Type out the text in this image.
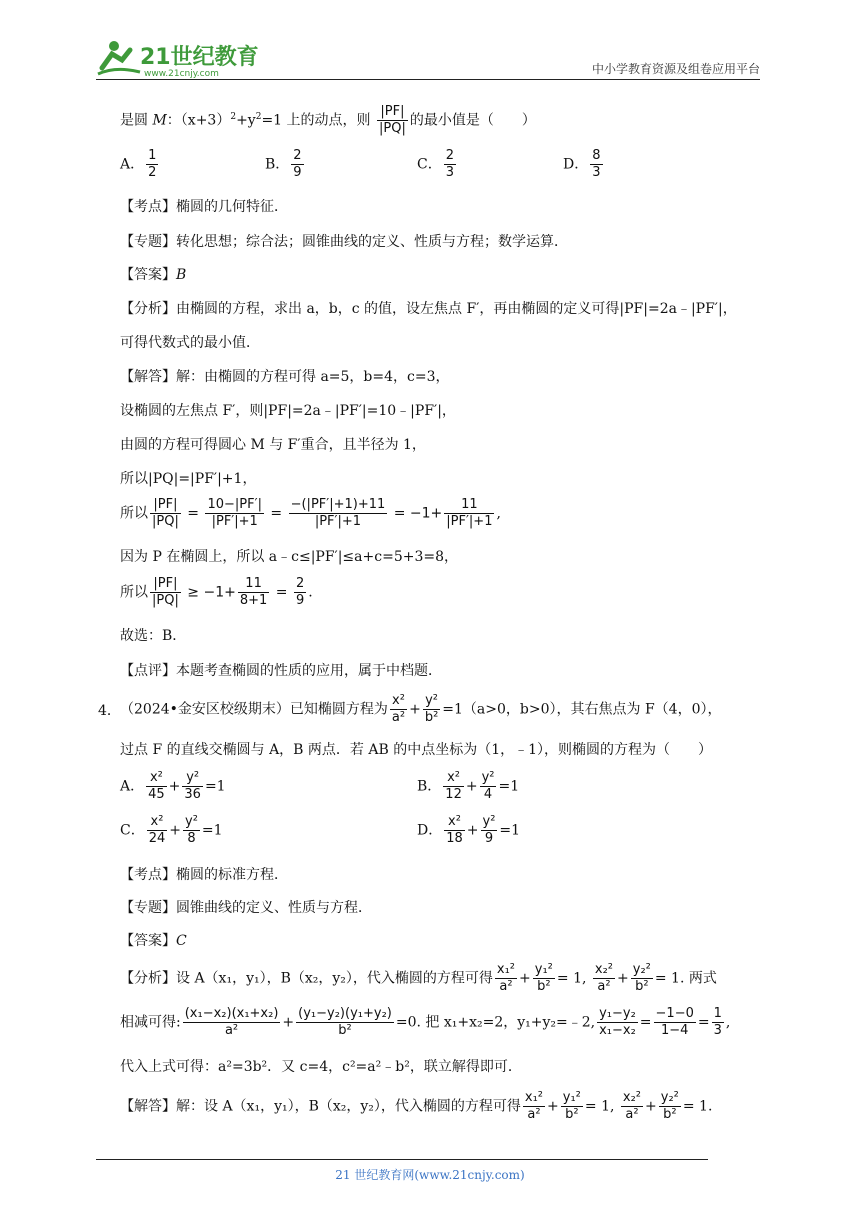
21世纪教育
www.21cnjy.com	中小学教育资源及组卷应用平台
是圆 M：$(x+3)^2+y^2=1$ 上的动点，则 $\frac{|PF|}{|PQ|}$ 的最小值是（　　）
A． $\frac{1}{2}$	B． $\frac{2}{9}$	C． $\frac{2}{3}$	D． $\frac{8}{3}$
【考点】椭圆的几何特征．
【专题】转化思想；综合法；圆锥曲线的定义、性质与方程；数学运算．
【答案】B
【分析】由椭圆的方程，求出 a，b，c 的值，设左焦点 F′，再由椭圆的定义可得|PF|=2a﹣|PF′|，
可得代数式的最小值．
【解答】解：由椭圆的方程可得 a=5，b=4，c=3，
设椭圆的左焦点 F′，则|PF|=2a﹣|PF′|=10﹣|PF′|，
由圆的方程可得圆心 M 与 F′重合，且半径为 1，
所以|PQ|=|PF′|+1，
所以 $\frac{|PF|}{|PQ|} = \frac{10-|PF'|}{|PF'|+1} = \frac{-(|PF'|+1)+11}{|PF'|+1} = -1+ \frac{11}{|PF'|+1}$ ,
因为 P 在椭圆上，所以 a﹣c≤|PF′|≤a+c=5+3=8，
所以 $\frac{|PF|}{|PQ|} \ge -1+ \frac{11}{8+1} = \frac{2}{9}$ .
故选：B．
【点评】本题考查椭圆的性质的应用，属于中档题．
4． （2024•金安区校级期末）已知椭圆方程为 $\frac{\text{x²}}{\text{a²}} + \frac{\text{y²}}{\text{b²}} =1(a>0$，b>0），其右焦点为 F（4，0），
过点 F 的直线交椭圆与 A，B 两点．若 AB 的中点坐标为（1，﹣1），则椭圆的方程为（　　）
A． $\frac{\text{x²}}{45} + \frac{\text{y²}}{36} =1$	B． $\frac{\text{x²}}{12} + \frac{\text{y²}}{4} =1$
C． $\frac{\text{x²}}{24} + \frac{\text{y²}}{8} =1$	D． $\frac{\text{x²}}{18} + \frac{\text{y²}}{9} =1$
【考点】椭圆的标准方程．
【专题】圆锥曲线的定义、性质与方程．
【答案】C
【分析】设 A（x₁，y₁），B（x₂，y₂），代入椭圆的方程可得 $\frac{\text{x₁²}}{\text{a²}} + \frac{\text{y₁²}}{\text{b²}} = 1$, $\frac{\text{x₂²}}{\text{a²}} + \frac{\text{y₂²}}{\text{b²}} = 1$. 两式
相减可得: $\frac{\text{(x₁−x₂)(x₁+x₂)}}{\text{a²}} + \frac{\text{(y₁−y₂)(y₁+y₂)}}{\text{b²}} =0$. 把 x₁+x₂=2，y₁+y₂=﹣2, $\frac{\text{y₁−y₂}}{\text{x₁−x₂}} = \frac{-1-0}{1-4} = \frac{1}{3}$ ,
代入上式可得：a²=3b²．又 c=4，c²=a²﹣b²，联立解得即可．
【解答】解：设 A（x₁，y₁），B（x₂，y₂），代入椭圆的方程可得 $\frac{\text{x₁²}}{\text{a²}} + \frac{\text{y₁²}}{\text{b²}} = 1$, $\frac{\text{x₂²}}{\text{a²}} + \frac{\text{y₂²}}{\text{b²}} = 1$.
21 世纪教育网(www.21cnjy.com)
